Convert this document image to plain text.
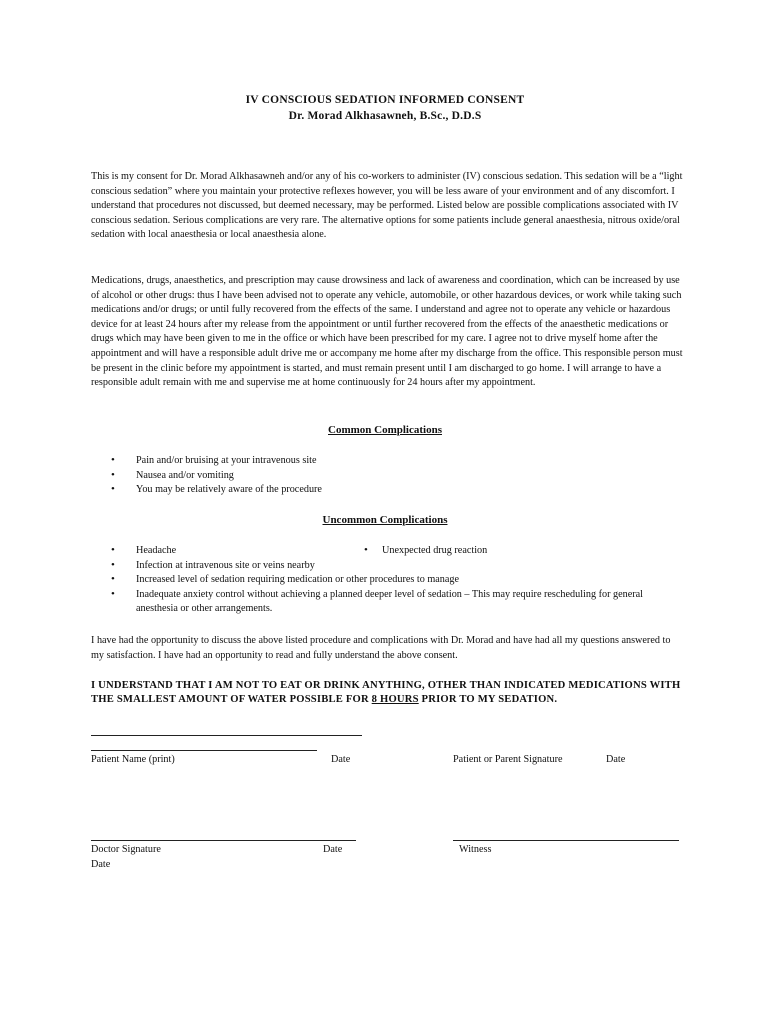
IV CONSCIOUS SEDATION INFORMED CONSENT
Dr. Morad Alkhasawneh, B.Sc., D.D.S
This is my consent for Dr. Morad Alkhasawneh and/or any of his co-workers to administer (IV) conscious sedation. This sedation will be a “light conscious sedation” where you maintain your protective reflexes however, you will be less aware of your environment and of any discomfort. I understand that procedures not discussed, but deemed necessary, may be performed. Listed below are possible complications associated with IV conscious sedation. Serious complications are very rare. The alternative options for some patients include general anaesthesia, nitrous oxide/oral sedation with local anaesthesia or local anaesthesia alone.
Medications, drugs, anaesthetics, and prescription may cause drowsiness and lack of awareness and coordination, which can be increased by use of alcohol or other drugs: thus I have been advised not to operate any vehicle, automobile, or other hazardous devices, or work while taking such medications and/or drugs; or until fully recovered from the effects of the same. I understand and agree not to operate any vehicle or hazardous device for at least 24 hours after my release from the appointment or until further recovered from the effects of the anaesthetic medications or drugs which may have been given to me in the office or which have been prescribed for my care. I agree not to drive myself home after the appointment and will have a responsible adult drive me or accompany me home after my discharge from the office. This responsible person must be present in the clinic before my appointment is started, and must remain present until I am discharged to go home. I will arrange to have a responsible adult remain with me and supervise me at home continuously for 24 hours after my appointment.
Common Complications
• Pain and/or bruising at your intravenous site
• Nausea and/or vomiting
• You may be relatively aware of the procedure
Uncommon Complications
• Headache
• Infection at intravenous site or veins nearby
• Increased level of sedation requiring medication or other procedures to manage
• Inadequate anxiety control without achieving a planned deeper level of sedation – This may require rescheduling for general anesthesia or other arrangements.
• Unexpected drug reaction
I have had the opportunity to discuss the above listed procedure and complications with Dr. Morad and have had all my questions answered to my satisfaction. I have had an opportunity to read and fully understand the above consent.
I UNDERSTAND THAT I AM NOT TO EAT OR DRINK ANYTHING, OTHER THAN INDICATED MEDICATIONS WITH THE SMALLEST AMOUNT OF WATER POSSIBLE FOR 8 HOURS PRIOR TO MY SEDATION.
Patient Name (print)	Date	Patient or Parent Signature	Date
Doctor Signature	Date	Witness
Date
